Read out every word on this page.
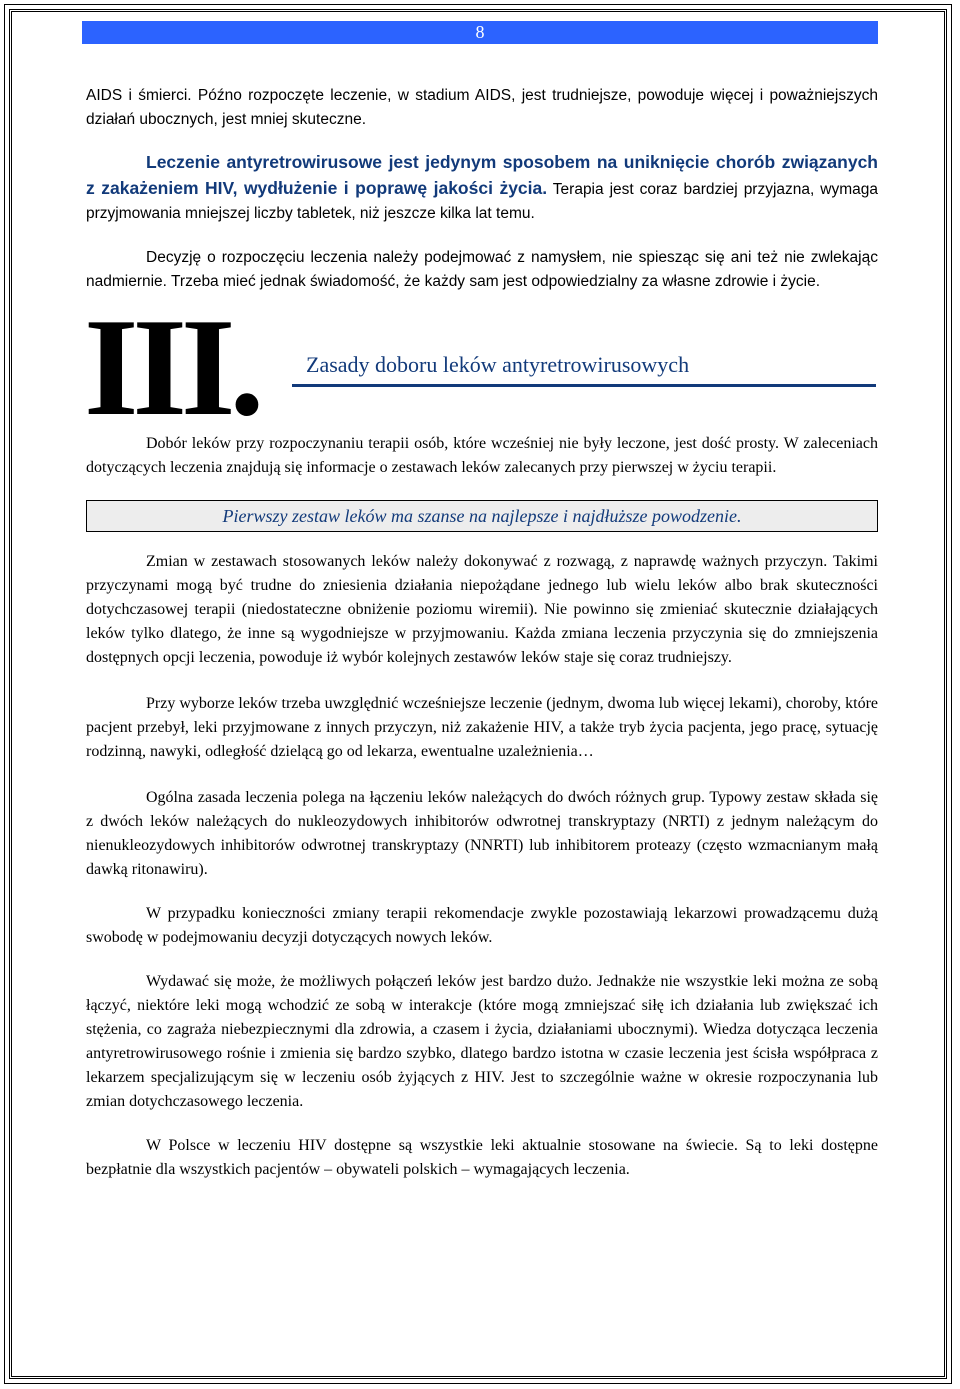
8

AIDS i śmierci. Późno rozpoczęte leczenie, w stadium AIDS, jest trudniejsze, powoduje więcej i poważniejszych działań ubocznych, jest mniej skuteczne.

Leczenie antyretrowirusowe jest jedynym sposobem na uniknięcie chorób związanych z zakażeniem HIV, wydłużenie i poprawę jakości życia. Terapia jest coraz bardziej przyjazna, wymaga przyjmowania mniejszej liczby tabletek, niż jeszcze kilka lat temu.

Decyzję o rozpoczęciu leczenia należy podejmować z namysłem, nie spiesząc się ani też nie zwlekając nadmiernie. Trzeba mieć jednak świadomość, że każdy sam jest odpowiedzialny za własne zdrowie i życie.

III. Zasady doboru leków antyretrowirusowych

Dobór leków przy rozpoczynaniu terapii osób, które wcześniej nie były leczone, jest dość prosty. W zaleceniach dotyczących leczenia znajdują się informacje o zestawach leków zalecanych przy pierwszej w życiu terapii.

Pierwszy zestaw leków ma szanse na najlepsze i najdłuższe powodzenie.

Zmian w zestawach stosowanych leków należy dokonywać z rozwagą, z naprawdę ważnych przyczyn. Takimi przyczynami mogą być trudne do zniesienia działania niepożądane jednego lub wielu leków albo brak skuteczności dotychczasowej terapii (niedostateczne obniżenie poziomu wiremii). Nie powinno się zmieniać skutecznie działających leków tylko dlatego, że inne są wygodniejsze w przyjmowaniu. Każda zmiana leczenia przyczynia się do zmniejszenia dostępnych opcji leczenia, powoduje iż wybór kolejnych zestawów leków staje się coraz trudniejszy.

Przy wyborze leków trzeba uwzględnić wcześniejsze leczenie (jednym, dwoma lub więcej lekami), choroby, które pacjent przebył, leki przyjmowane z innych przyczyn, niż zakażenie HIV, a także tryb życia pacjenta, jego pracę, sytuację rodzinną, nawyki, odległość dzielącą go od lekarza, ewentualne uzależnienia…

Ogólna zasada leczenia polega na łączeniu leków należących do dwóch różnych grup. Typowy zestaw składa się z dwóch leków należących do nukleozydowych inhibitorów odwrotnej transkryptazy (NRTI) z jednym należącym do nienukleozydowych inhibitorów odwrotnej transkryptazy (NNRTI) lub inhibitorem proteazy (często wzmacnianym małą dawką ritonawiru).

W przypadku konieczności zmiany terapii rekomendacje zwykle pozostawiają lekarzowi prowadzącemu dużą swobodę w podejmowaniu decyzji dotyczących nowych leków.

Wydawać się może, że możliwych połączeń leków jest bardzo dużo. Jednakże nie wszystkie leki można ze sobą łączyć, niektóre leki mogą wchodzić ze sobą w interakcje (które mogą zmniejszać siłę ich działania lub zwiększać ich stężenia, co zagraża niebezpiecznymi dla zdrowia, a czasem i życia, działaniami ubocznymi). Wiedza dotycząca leczenia antyretrowirusowego rośnie i zmienia się bardzo szybko, dlatego bardzo istotna w czasie leczenia jest ścisła współpraca z lekarzem specjalizującym się w leczeniu osób żyjących z HIV. Jest to szczególnie ważne w okresie rozpoczynania lub zmian dotychczasowego leczenia.

W Polsce w leczeniu HIV dostępne są wszystkie leki aktualnie stosowane na świecie. Są to leki dostępne bezpłatnie dla wszystkich pacjentów – obywateli polskich – wymagających leczenia.
